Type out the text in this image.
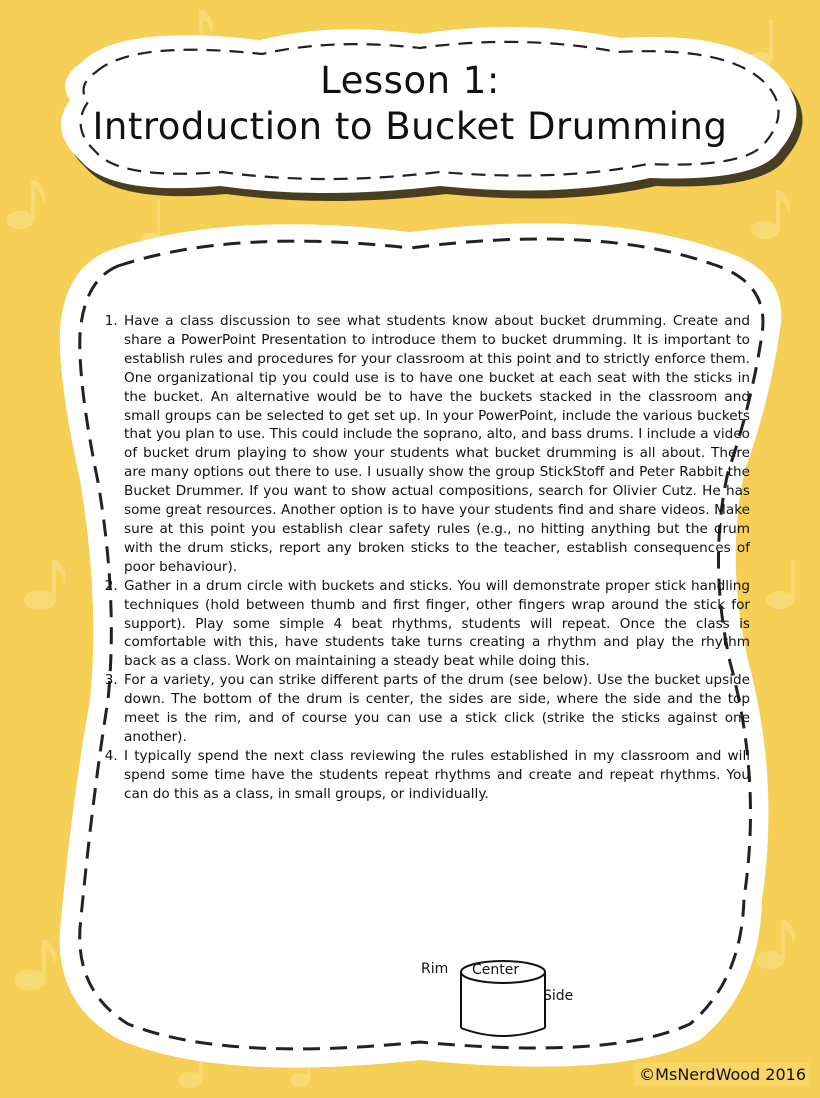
Lesson 1:
Introduction to Bucket Drumming
1. Have a class discussion to see what students know about bucket drumming. Create and share a PowerPoint Presentation to introduce them to bucket drumming. It is important to establish rules and procedures for your classroom at this point and to strictly enforce them. One organizational tip you could use is to have one bucket at each seat with the sticks in the bucket. An alternative would be to have the buckets stacked in the classroom and small groups can be selected to get set up. In your PowerPoint, include the various buckets that you plan to use. This could include the soprano, alto, and bass drums. I include a video of bucket drum playing to show your students what bucket drumming is all about. There are many options out there to use. I usually show the group StickStoff and Peter Rabbit the Bucket Drummer. If you want to show actual compositions, search for Olivier Cutz. He has some great resources. Another option is to have your students find and share videos. Make sure at this point you establish clear safety rules (e.g., no hitting anything but the drum with the drum sticks, report any broken sticks to the teacher, establish consequences of poor behaviour).
2. Gather in a drum circle with buckets and sticks. You will demonstrate proper stick handling techniques (hold between thumb and first finger, other fingers wrap around the stick for support). Play some simple 4 beat rhythms, students will repeat. Once the class is comfortable with this, have students take turns creating a rhythm and play the rhythm back as a class. Work on maintaining a steady beat while doing this.
3. For a variety, you can strike different parts of the drum (see below). Use the bucket upside down. The bottom of the drum is center, the sides are side, where the side and the top meet is the rim, and of course you can use a stick click (strike the sticks against one another).
4. I typically spend the next class reviewing the rules established in my classroom and will spend some time have the students repeat rhythms and create and repeat rhythms. You can do this as a class, in small groups, or individually.
Rim Center
Side
©MsNerdWood 2016
